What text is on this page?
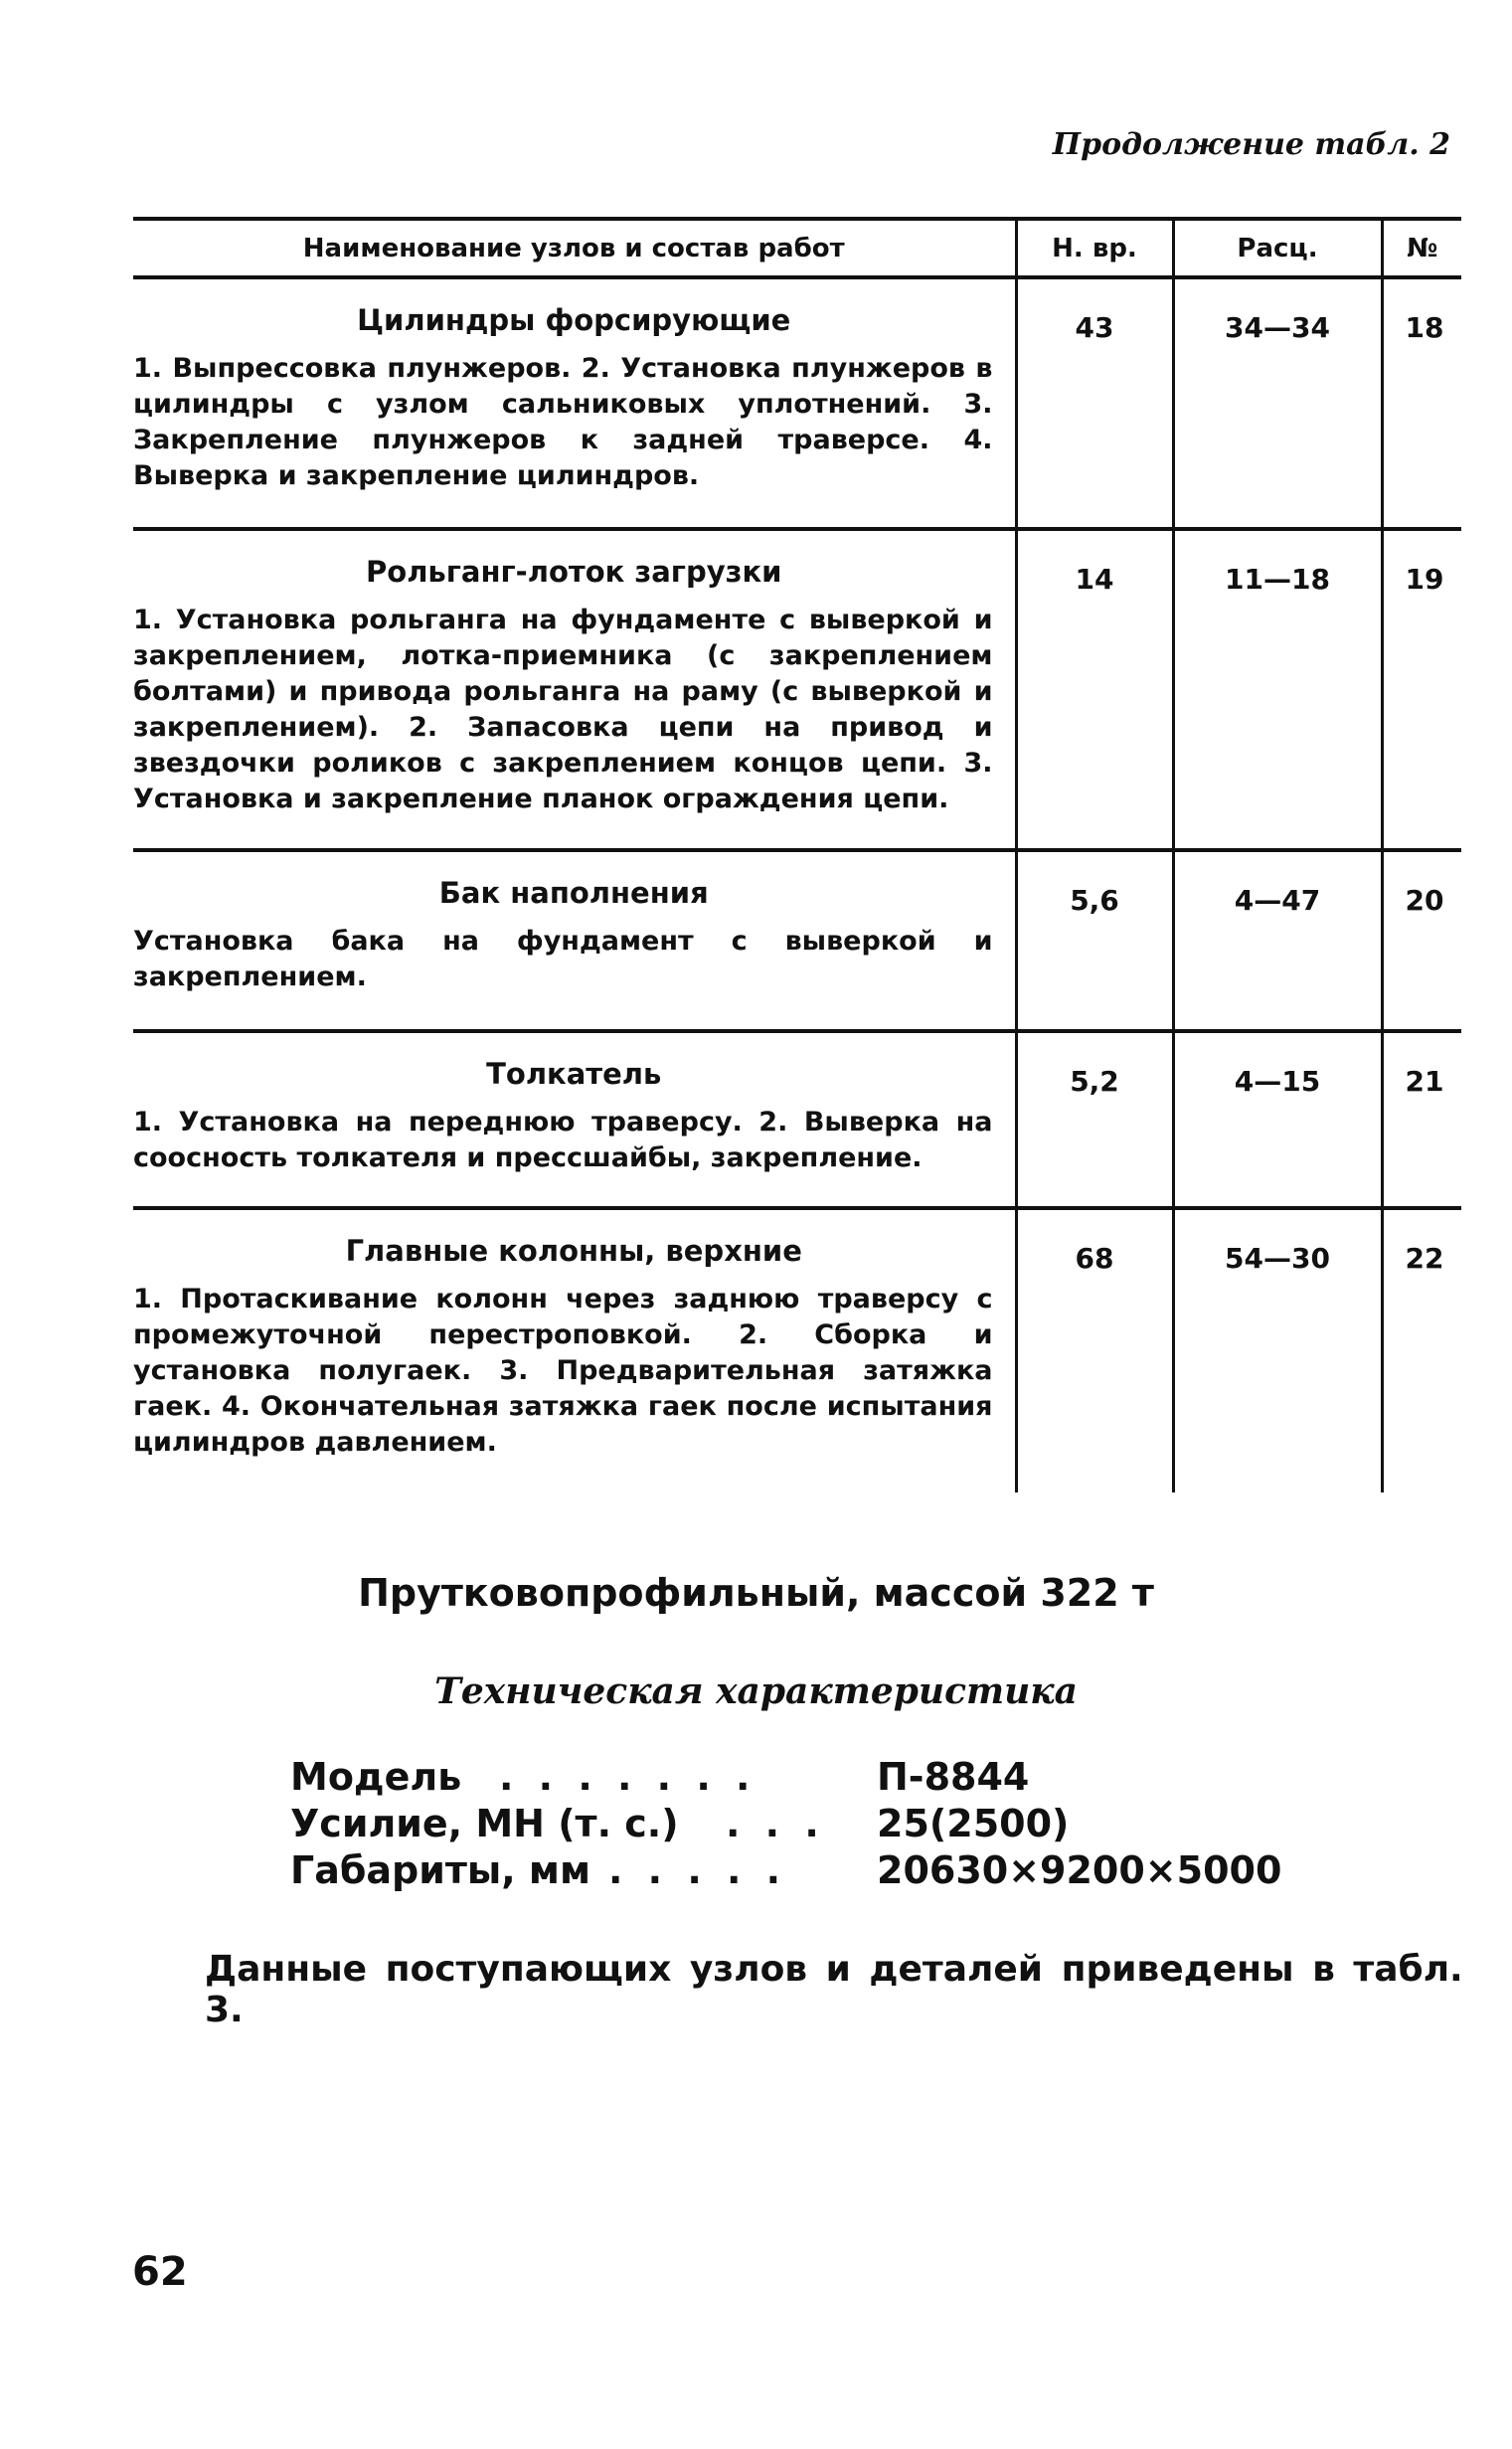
Продолжение табл. 2
Наименование узлов и состав работ	Н. вр.	Расц.	№

Цилиндры форсирующие
1. Выпрессовка плунжеров. 2. Установка плунжеров в цилиндры с узлом сальниковых уплотнений. 3. Закрепление плунжеров к задней траверсе. 4. Выверка и закрепление цилиндров.	43	34—34	18

Рольганг-лоток загрузки
1. Установка рольганга на фундаменте с выверкой и закреплением, лотка-приемника (с закреплением болтами) и привода рольганга на раму (с выверкой и закреплением). 2. Запасовка цепи на привод и звездочки роликов с закреплением концов цепи. 3. Установка и закрепление планок ограждения цепи.	14	11—18	19

Бак наполнения
Установка бака на фундамент с выверкой и закреплением.	5,6	4—47	20

Толкатель
1. Установка на переднюю траверсу. 2. Выверка на соосность толкателя и прессшайбы, закрепление.	5,2	4—15	21

Главные колонны, верхние
1. Протаскивание колонн через заднюю траверсу с промежуточной перестроповкой. 2. Сборка и установка полугаек. 3. Предварительная затяжка гаек. 4. Окончательная затяжка гаек после испытания цилиндров давлением.	68	54—30	22
Прутковопрофильный, массой 322 т
Техническая характеристика
Модель . . . . . . .	П-8844
Усилие, МН (т. с.) . . . 25(2500)
Габариты, мм . . . . . 20630×9200×5000
Данные поступающих узлов и деталей приведены в табл. 3.
62
